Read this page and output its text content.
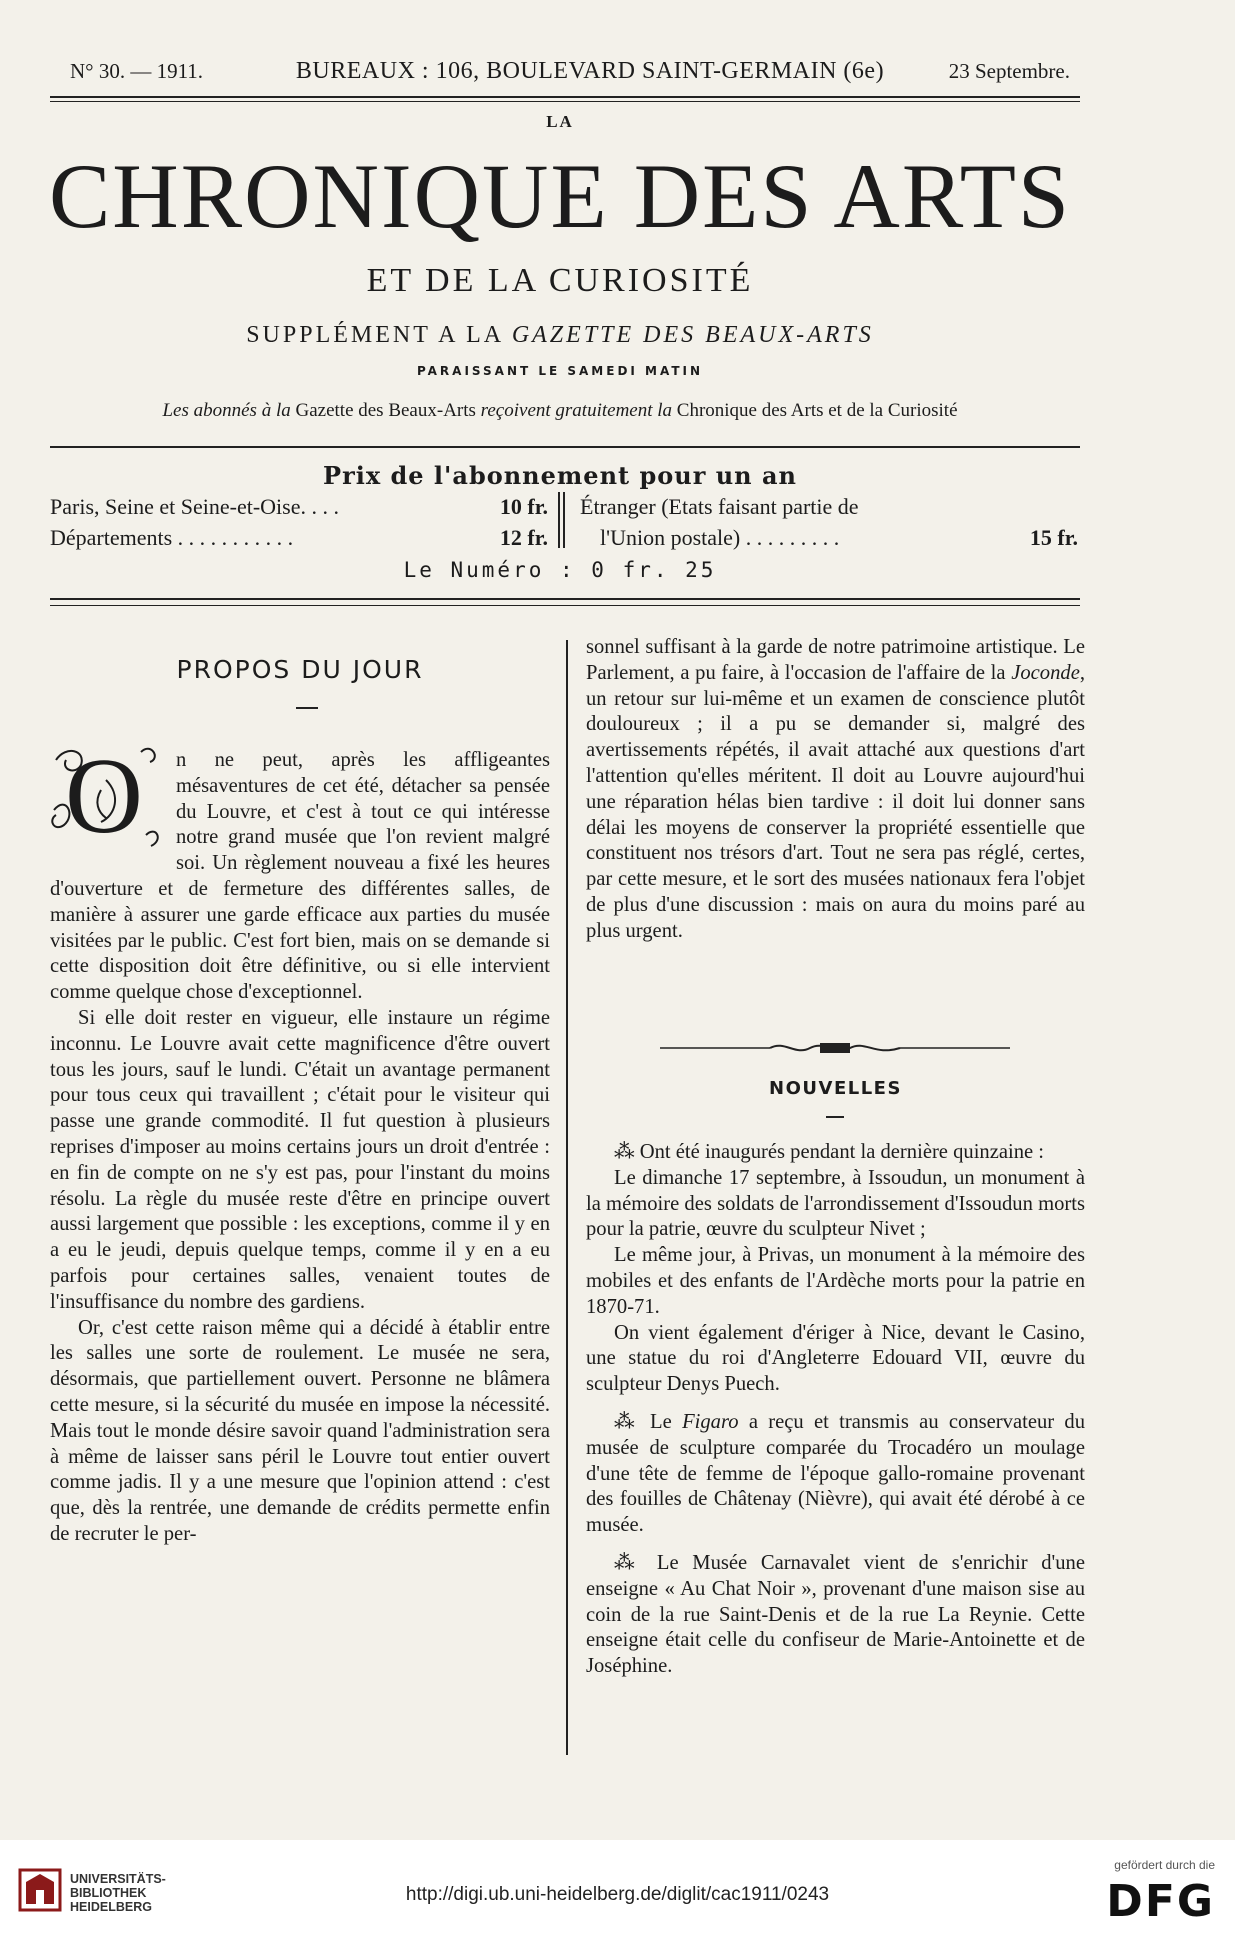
N° 30. — 1911.	BUREAUX : 106, BOULEVARD SAINT-GERMAIN (6e)	23 Septembre.
LA
CHRONIQUE DES ARTS
ET DE LA CURIOSITÉ
SUPPLÉMENT A LA GAZETTE DES BEAUX-ARTS
PARAISSANT LE SAMEDI MATIN
Les abonnés à la Gazette des Beaux-Arts reçoivent gratuitement la Chronique des Arts et de la Curiosité
Prix de l'abonnement pour un an
Paris, Seine et Seine-et-Oise. . . .	10 fr.
Départements . . . . . . . . . . .	12 fr.
Étranger (Etats faisant partie de
l'Union postale) . . . . . . . . .	15 fr.
Le Numéro : 0 fr. 25
PROPOS DU JOUR

O n ne peut, après les affligeantes mésaventures de cet été, détacher sa pensée du Louvre, et c'est à tout ce qui intéresse notre grand musée que l'on revient malgré soi. Un règlement nouveau a fixé les heures d'ouverture et de fermeture des différentes salles, de manière à assurer une garde efficace aux parties du musée visitées par le public. C'est fort bien, mais on se demande si cette disposition doit être définitive, ou si elle intervient comme quelque chose d'exceptionnel.

Si elle doit rester en vigueur, elle instaure un régime inconnu. Le Louvre avait cette magnificence d'être ouvert tous les jours, sauf le lundi. C'était un avantage permanent pour tous ceux qui travaillent ; c'était pour le visiteur qui passe une grande commodité. Il fut question à plusieurs reprises d'imposer au moins certains jours un droit d'entrée : en fin de compte on ne s'y est pas, pour l'instant du moins résolu. La règle du musée reste d'être en principe ouvert aussi largement que possible : les exceptions, comme il y en a eu le jeudi, depuis quelque temps, comme il y en a eu parfois pour certaines salles, venaient toutes de l'insuffisance du nombre des gardiens.

Or, c'est cette raison même qui a décidé à établir entre les salles une sorte de roulement. Le musée ne sera, désormais, que partiellement ouvert. Personne ne blâmera cette mesure, si la sécurité du musée en impose la nécessité. Mais tout le monde désire savoir quand l'administration sera à même de laisser sans péril le Louvre tout entier ouvert comme jadis. Il y a une mesure que l'opinion attend : c'est que, dès la rentrée, une demande de crédits permette enfin de recruter le per-

sonnel suffisant à la garde de notre patrimoine artistique. Le Parlement, a pu faire, à l'occasion de l'affaire de la Joconde, un retour sur lui-même et un examen de conscience plutôt douloureux ; il a pu se demander si, malgré des avertissements répétés, il avait attaché aux questions d'art l'attention qu'elles méritent. Il doit au Louvre aujourd'hui une réparation hélas bien tardive : il doit lui donner sans délai les moyens de conserver la propriété essentielle que constituent nos trésors d'art. Tout ne sera pas réglé, certes, par cette mesure, et le sort des musées nationaux fera l'objet de plus d'une discussion : mais on aura du moins paré au plus urgent.

NOUVELLES

⁂ Ont été inaugurés pendant la dernière quinzaine :

Le dimanche 17 septembre, à Issoudun, un monument à la mémoire des soldats de l'arrondissement d'Issoudun morts pour la patrie, œuvre du sculpteur Nivet ;

Le même jour, à Privas, un monument à la mémoire des mobiles et des enfants de l'Ardèche morts pour la patrie en 1870-71.

On vient également d'ériger à Nice, devant le Casino, une statue du roi d'Angleterre Edouard VII, œuvre du sculpteur Denys Puech.

⁂ Le Figaro a reçu et transmis au conservateur du musée de sculpture comparée du Trocadéro un moulage d'une tête de femme de l'époque gallo-romaine provenant des fouilles de Châtenay (Nièvre), qui avait été dérobé à ce musée.

⁂ Le Musée Carnavalet vient de s'enrichir d'une enseigne « Au Chat Noir », provenant d'une maison sise au coin de la rue Saint-Denis et de la rue La Reynie. Cette enseigne était celle du confiseur de Marie-Antoinette et de Joséphine.

UNIVERSITÄTS-
BIBLIOTHEK
HEIDELBERG
http://digi.ub.uni-heidelberg.de/diglit/cac1911/0243
gefördert durch die
DFG
